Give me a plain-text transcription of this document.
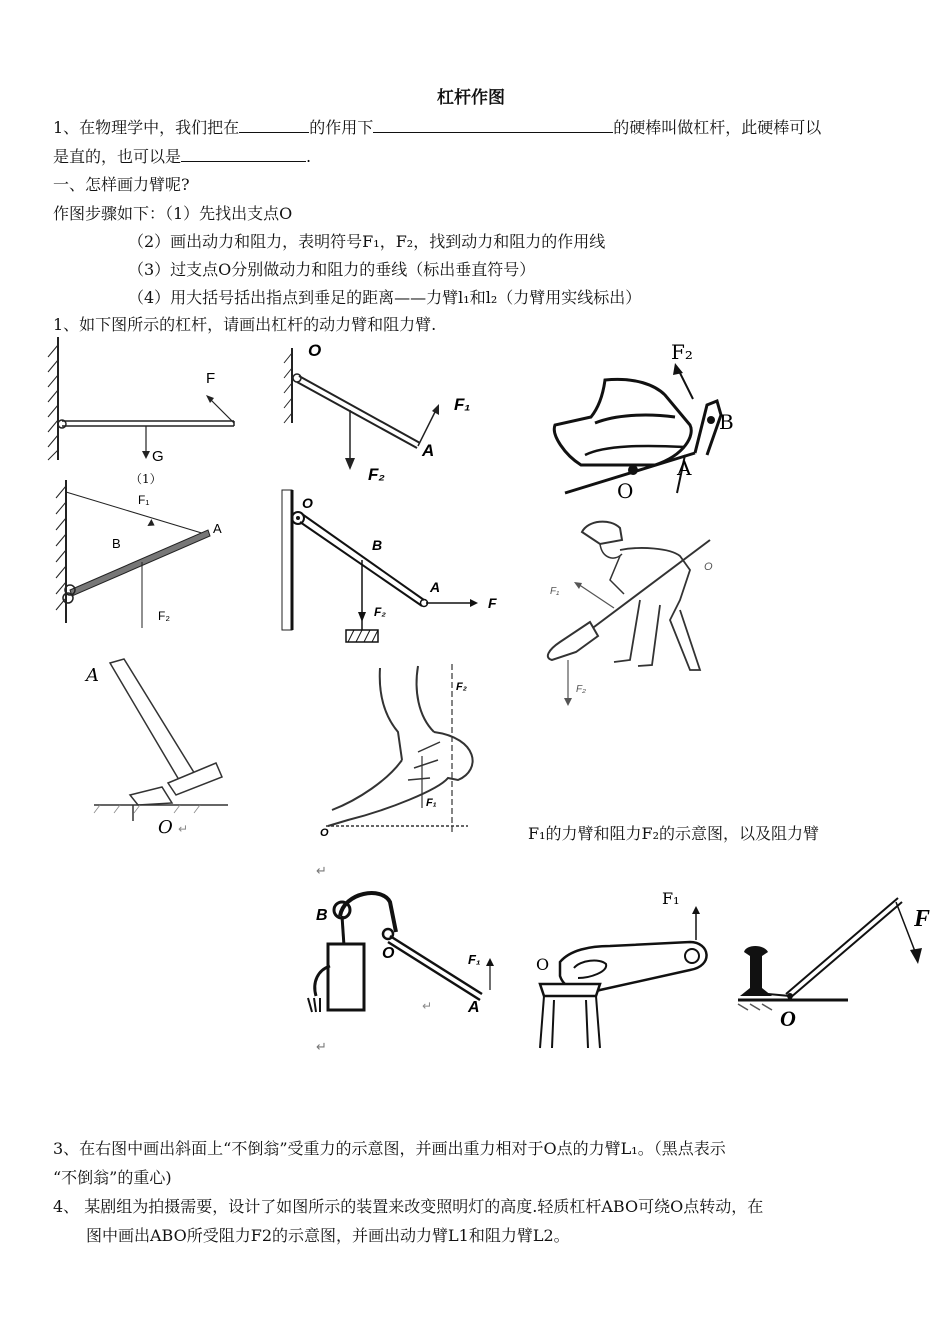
杠杆作图
1、在物理学中，我们把在	的作用下	的硬棒叫做杠杆，此硬棒可以
是直的，也可以是	.
一、怎样画力臂呢?
作图步骤如下：（1）先找出支点O
（2）画出动力和阻力，表明符号F₁，F₂，找到动力和阻力的作用线
（3）过支点O分别做动力和阻力的垂线（标出垂直符号）
（4）用大括号括出指点到垂足的距离——力臂l₁和l₂（力臂用实线标出）
1、如下图所示的杠杆，请画出杠杆的动力臂和阻力臂.
F
G
（1）
O
F₁
F₂
A
F₂
B
A
O
F₁
A
B
F₂
O
B
A
F
F₂
F₁
F₂
O
A
O ↵
F₂
F₁
O	F₁的力臂和阻力F₂的示意图，以及阻力臂
↵
B
O	F₁
A
↵
↵
F₁
O
F
O
3、在右图中画出斜面上“不倒翁”受重力的示意图，并画出重力相对于O点的力臂L₁。（黑点表示
“不倒翁”的重心)
4、 某剧组为拍摄需要，设计了如图所示的装置来改变照明灯的高度.轻质杠杆ABO可绕O点转动，在
图中画出ABO所受阻力F2的示意图，并画出动力臂L1和阻力臂L2。
